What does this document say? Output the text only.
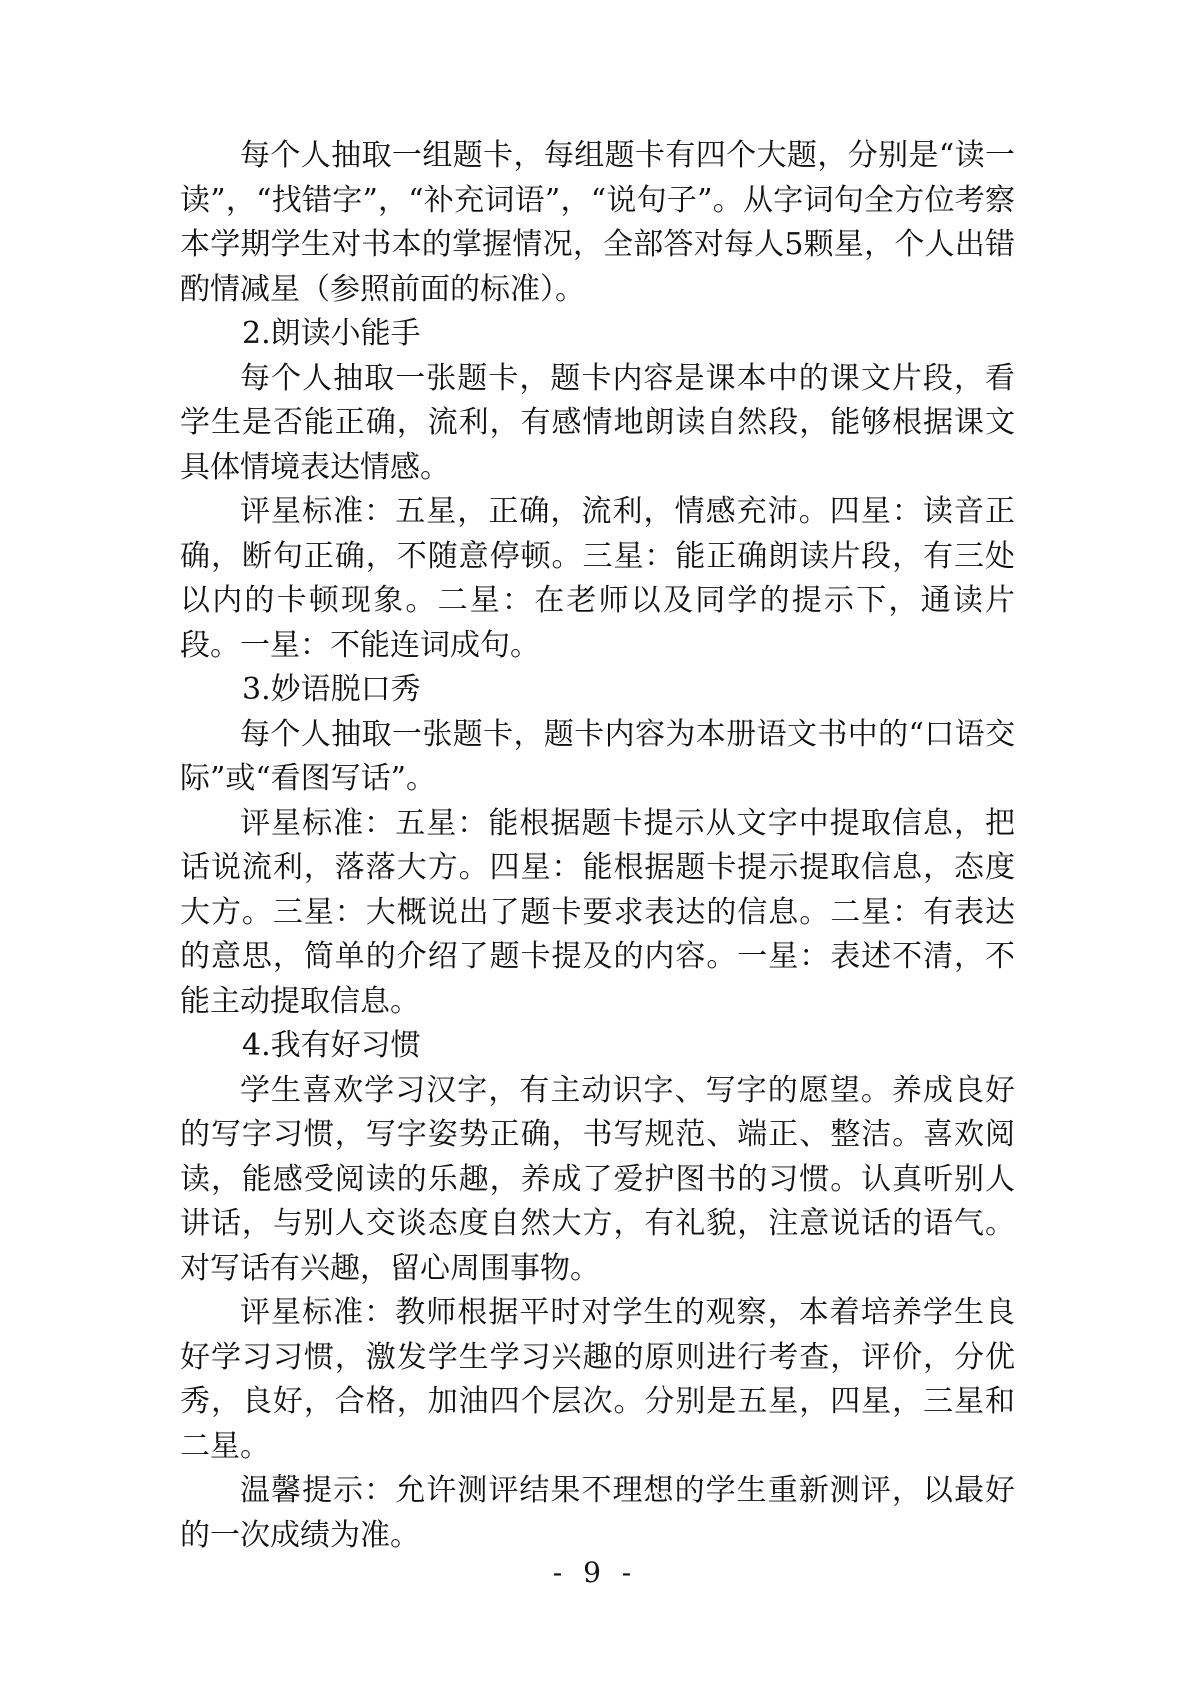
每个人抽取一组题卡，每组题卡有四个大题，分别是“读一读”，“找错字”，“补充词语”，“说句子”。从字词句全方位考察本学期学生对书本的掌握情况，全部答对每人5颗星，个人出错酌情减星（参照前面的标准）。

2.朗读小能手

每个人抽取一张题卡，题卡内容是课本中的课文片段，看学生是否能正确，流利，有感情地朗读自然段，能够根据课文具体情境表达情感。

评星标准：五星，正确，流利，情感充沛。四星：读音正确，断句正确，不随意停顿。三星：能正确朗读片段，有三处以内的卡顿现象。二星：在老师以及同学的提示下，通读片段。一星：不能连词成句。

3.妙语脱口秀

每个人抽取一张题卡，题卡内容为本册语文书中的“口语交际”或“看图写话”。

评星标准：五星：能根据题卡提示从文字中提取信息，把话说流利，落落大方。四星：能根据题卡提示提取信息，态度大方。三星：大概说出了题卡要求表达的信息。二星：有表达的意思，简单的介绍了题卡提及的内容。一星：表述不清，不能主动提取信息。

4.我有好习惯

学生喜欢学习汉字，有主动识字、写字的愿望。养成良好的写字习惯，写字姿势正确，书写规范、端正、整洁。喜欢阅读，能感受阅读的乐趣，养成了爱护图书的习惯。认真听别人讲话，与别人交谈态度自然大方，有礼貌，注意说话的语气。对写话有兴趣，留心周围事物。

评星标准：教师根据平时对学生的观察，本着培养学生良好学习习惯，激发学生学习兴趣的原则进行考查，评价，分优秀，良好，合格，加油四个层次。分别是五星，四星，三星和二星。

温馨提示：允许测评结果不理想的学生重新测评，以最好的一次成绩为准。

- 9 -
